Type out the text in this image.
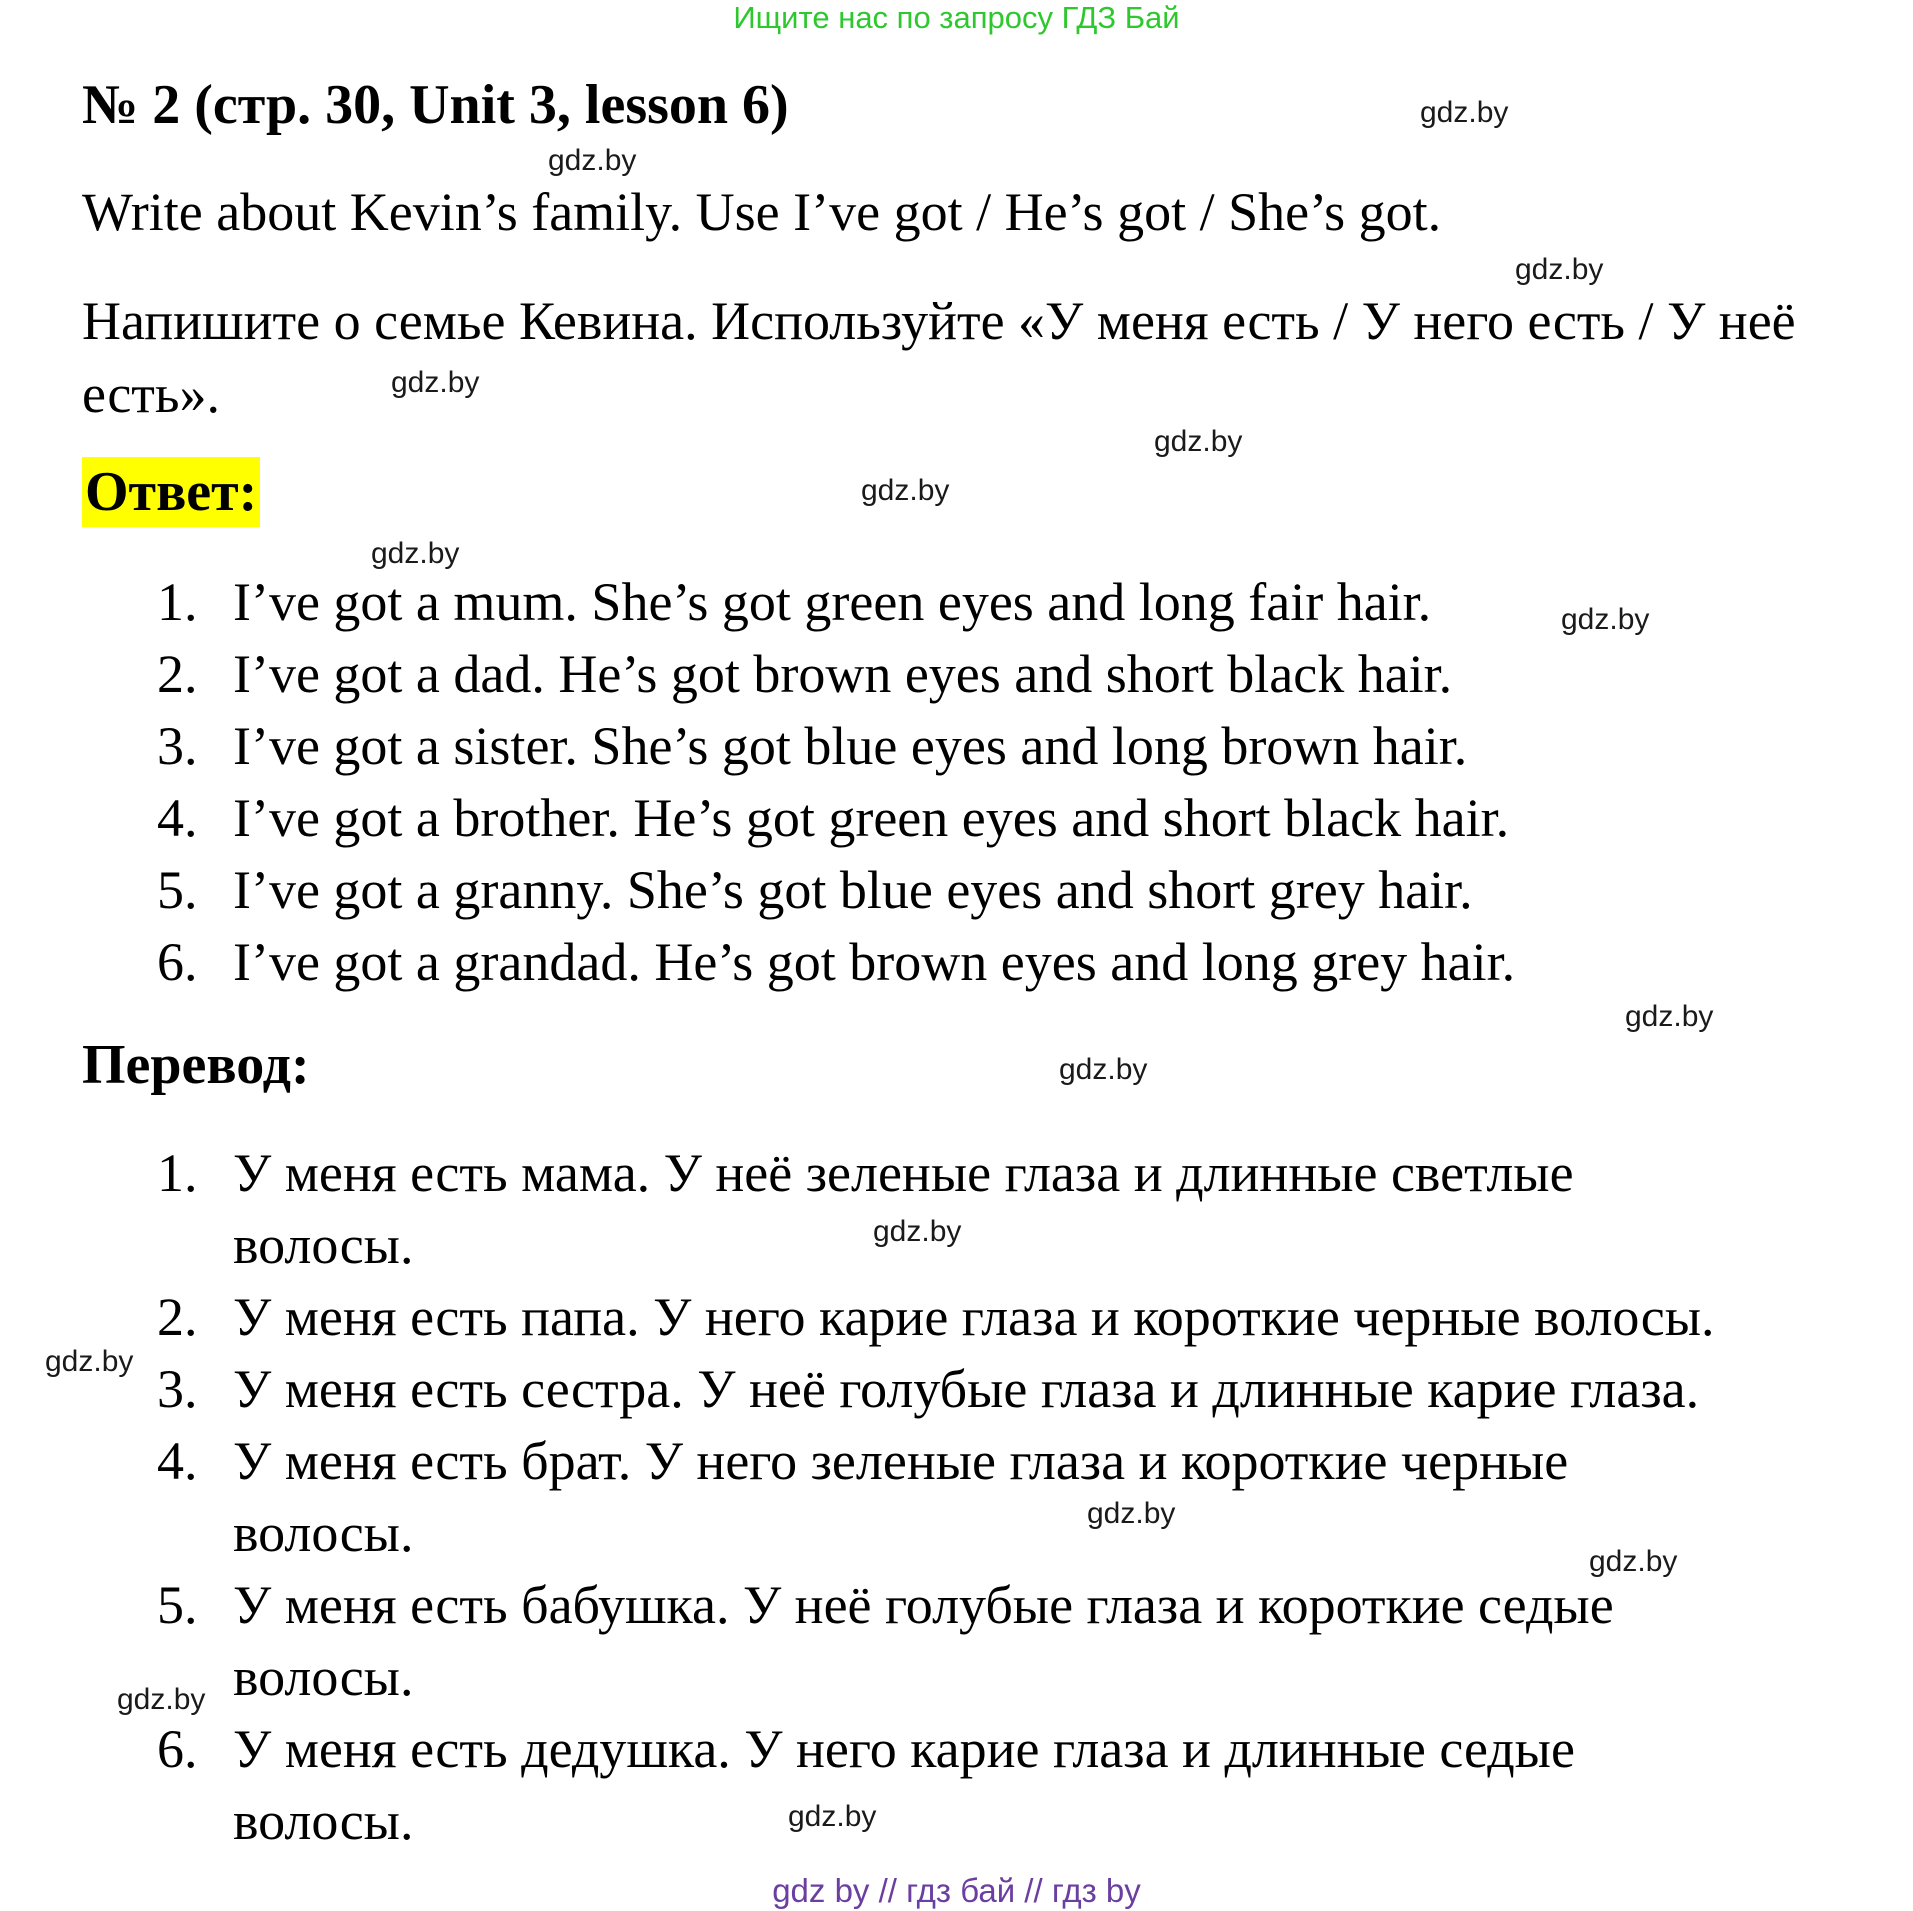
Ищите нас по запросу ГДЗ Бай
№ 2 (стр. 30, Unit 3, lesson 6)
Write about Kevin’s family. Use I’ve got / He’s got / She’s got.
Напишите о семье Кевина. Используйте «У меня есть / У него есть / У неё есть».
Ответ:
1. I’ve got a mum. She’s got green eyes and long fair hair.
2. I’ve got a dad. He’s got brown eyes and short black hair.
3. I’ve got a sister. She’s got blue eyes and long brown hair.
4. I’ve got a brother. He’s got green eyes and short black hair.
5. I’ve got a granny. She’s got blue eyes and short grey hair.
6. I’ve got a grandad. He’s got brown eyes and long grey hair.
Перевод:
1. У меня есть мама. У неё зеленые глаза и длинные светлые
волосы.
2. У меня есть папа. У него карие глаза и короткие черные волосы.
3. У меня есть сестра. У неё голубые глаза и длинные карие глаза.
4. У меня есть брат. У него зеленые глаза и короткие черные
волосы.
5. У меня есть бабушка. У неё голубые глаза и короткие седые
волосы.
6. У меня есть дедушка. У него карие глаза и длинные седые
волосы.
gdz.by
gdz.by
gdz.by
gdz.by
gdz.by
gdz.by
gdz.by
gdz.by
gdz.by
gdz.by
gdz.by
gdz.by
gdz.by
gdz.by
gdz.by
gdz.by
gdz by // гдз бай // гдз by
